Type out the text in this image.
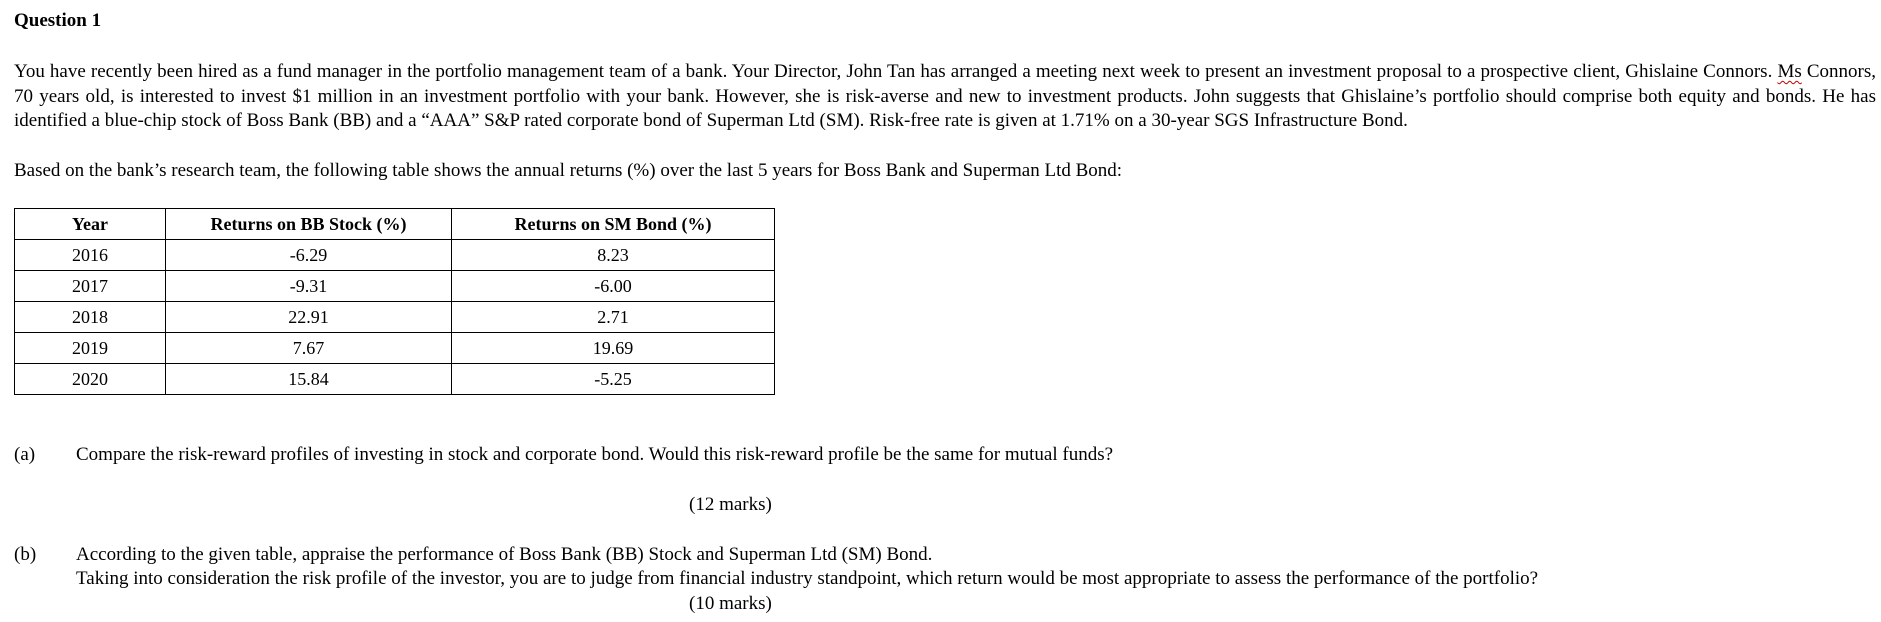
Question 1

You have recently been hired as a fund manager in the portfolio management team of a bank. Your Director, John Tan has arranged a meeting next week to present an investment proposal to a prospective client, Ghislaine Connors. Ms Connors, 70 years old, is interested to invest $1 million in an investment portfolio with your bank. However, she is risk-averse and new to investment products. John suggests that Ghislaine’s portfolio should comprise both equity and bonds. He has identified a blue-chip stock of Boss Bank (BB) and a “AAA” S&P rated corporate bond of Superman Ltd (SM). Risk-free rate is given at 1.71% on a 30-year SGS Infrastructure Bond.

Based on the bank’s research team, the following table shows the annual returns (%) over the last 5 years for Boss Bank and Superman Ltd Bond:
Year	Returns on BB Stock (%)	Returns on SM Bond (%)
2016	-6.29	8.23
2017	-9.31	-6.00
2018	22.91	2.71
2019	7.67	19.69
2020	15.84	-5.25
(a) Compare the risk-reward profiles of investing in stock and corporate bond. Would this risk-reward profile be the same for mutual funds?
(12 marks)
(b) According to the given table, appraise the performance of Boss Bank (BB) Stock and Superman Ltd (SM) Bond.
Taking into consideration the risk profile of the investor, you are to judge from financial industry standpoint, which return would be most appropriate to assess the performance of the portfolio?
(10 marks)
